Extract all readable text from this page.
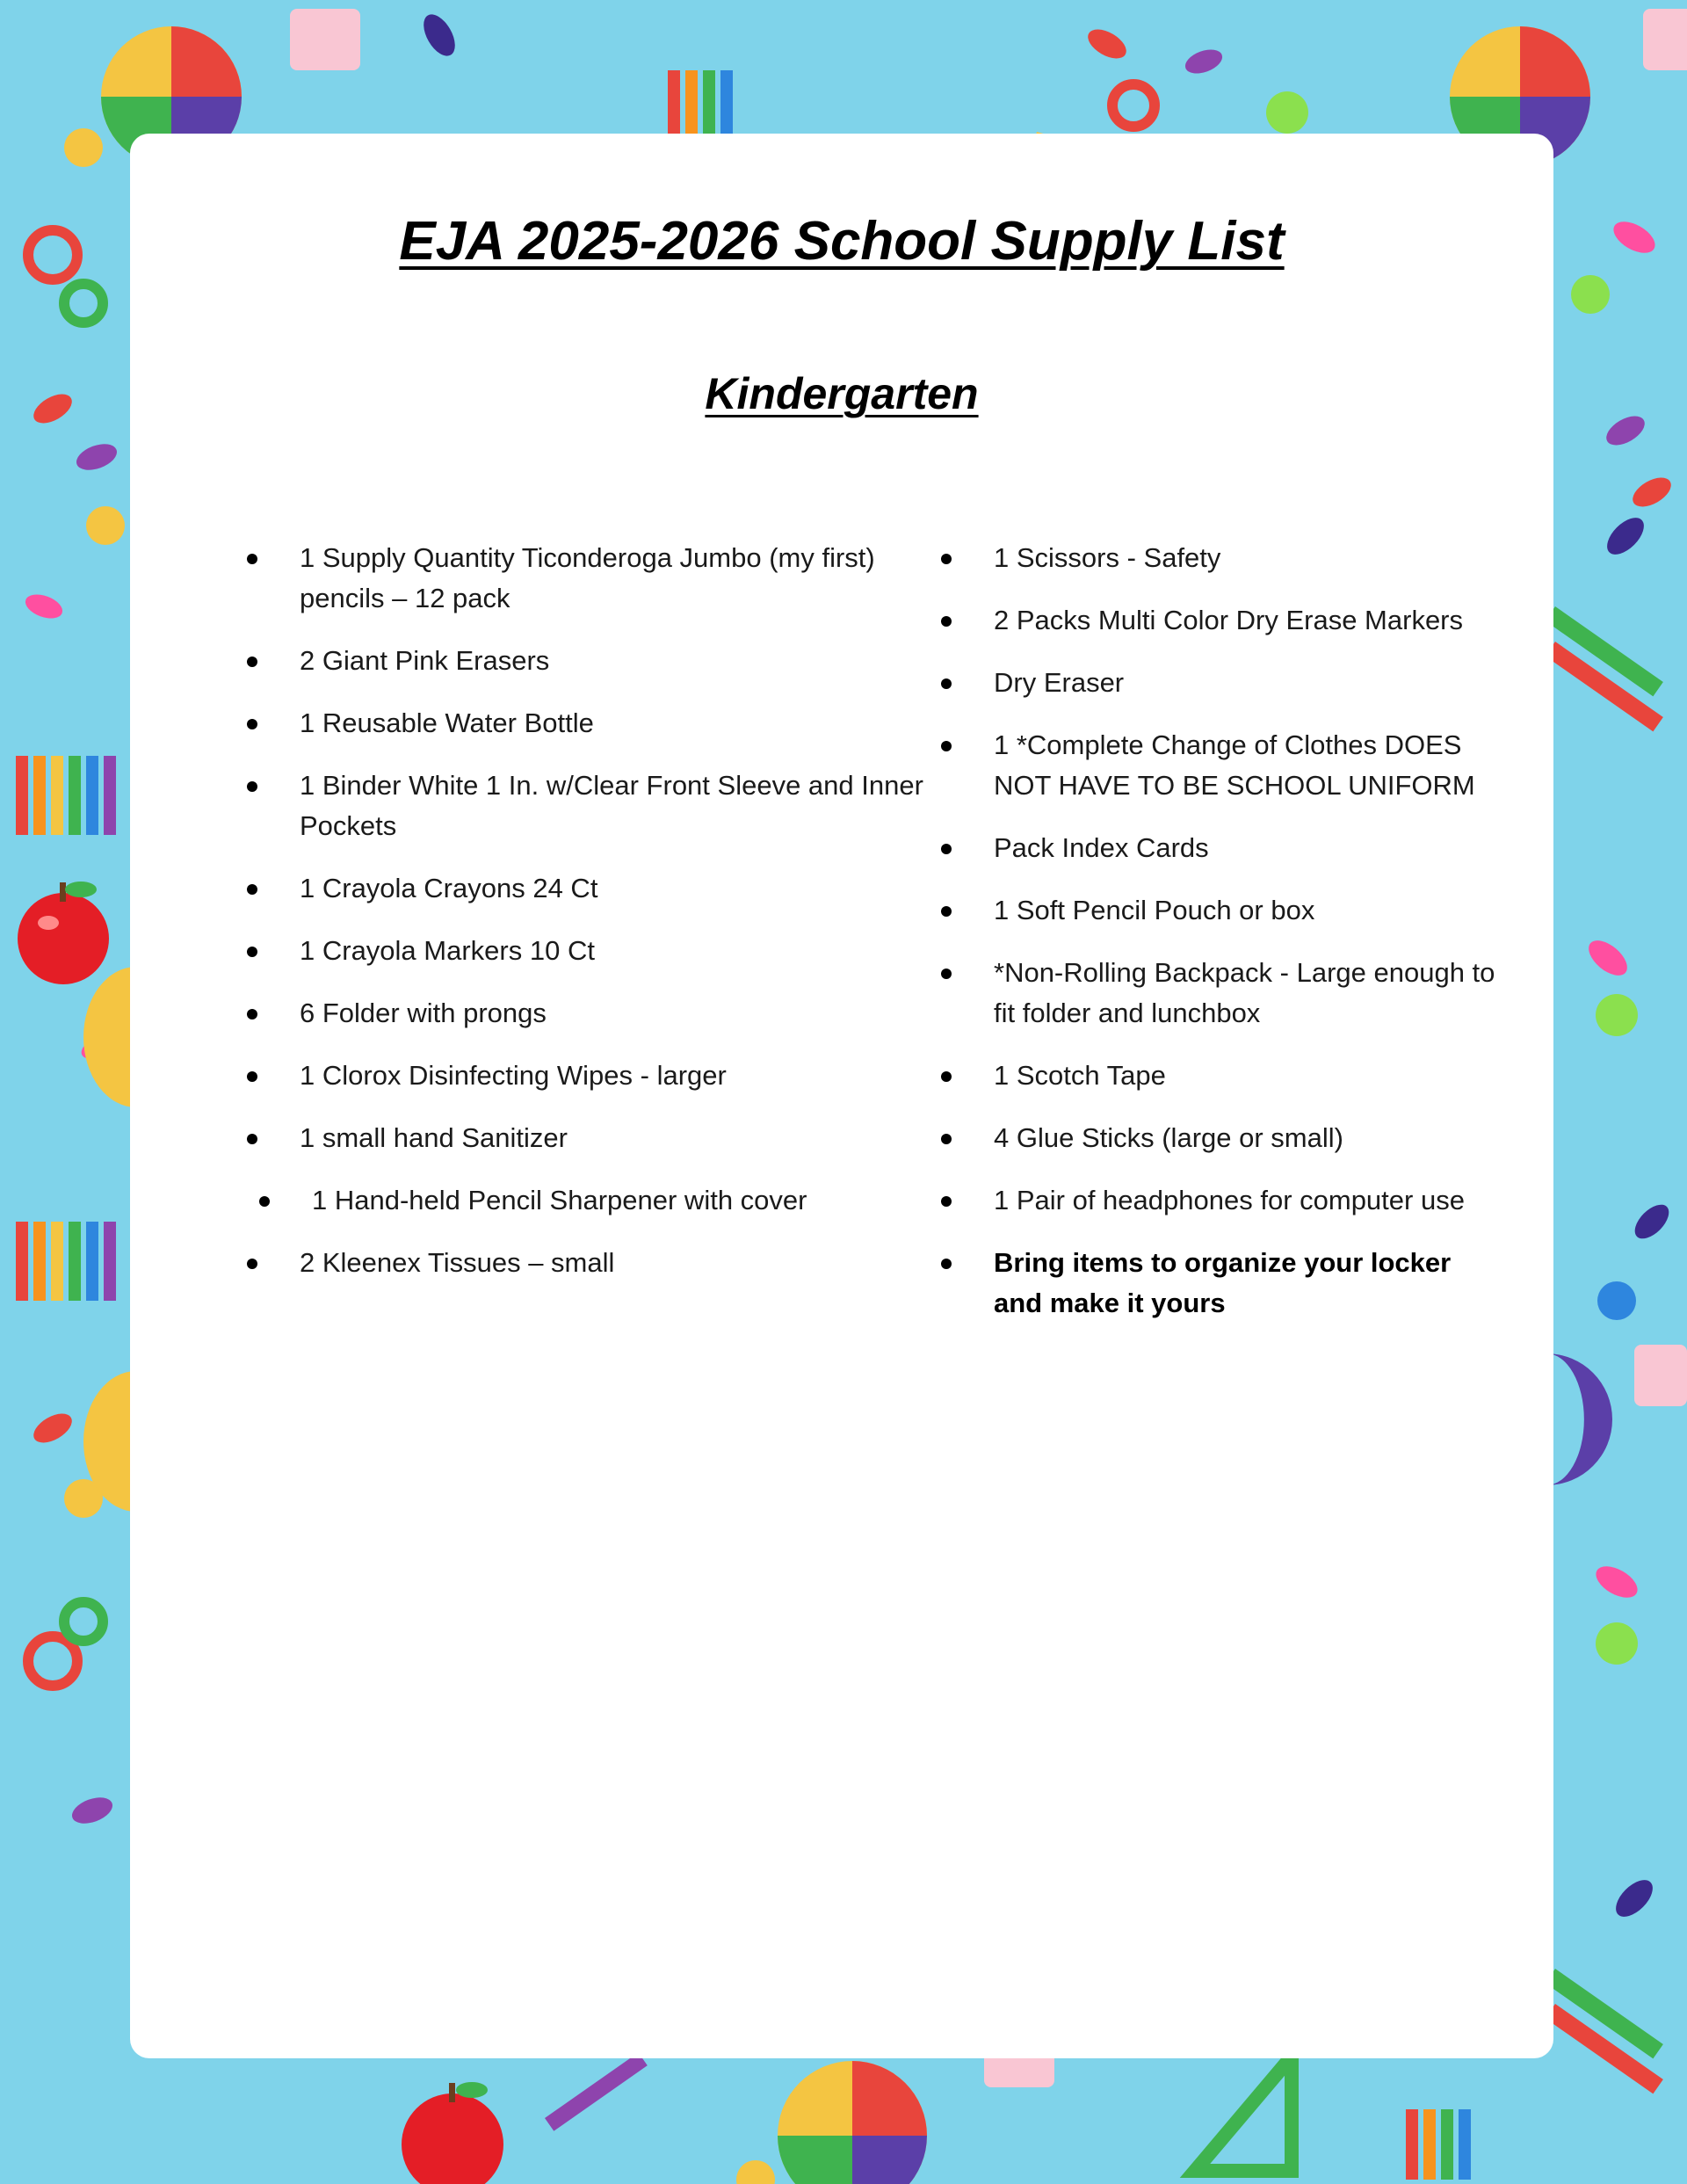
EJA 2025-2026 School Supply List
Kindergarten
1 Supply Quantity Ticonderoga Jumbo (my first) pencils – 12 pack
2 Giant Pink Erasers
1 Reusable Water Bottle
1 Binder White 1 In. w/Clear Front Sleeve and Inner Pockets
1 Crayola Crayons 24 Ct
1 Crayola Markers 10 Ct
6 Folder with prongs
1 Clorox Disinfecting Wipes - larger
1 small hand Sanitizer
1 Hand-held Pencil Sharpener with cover
2 Kleenex Tissues – small
1 Scissors - Safety
2 Packs Multi Color Dry Erase Markers
Dry Eraser
1 *Complete Change of Clothes DOES NOT HAVE TO BE SCHOOL UNIFORM
Pack Index Cards
1 Soft Pencil Pouch or box
*Non-Rolling Backpack - Large enough to fit folder and lunchbox
1 Scotch Tape
4 Glue Sticks (large or small)
1 Pair of headphones for computer use
Bring items to organize your locker and make it yours
